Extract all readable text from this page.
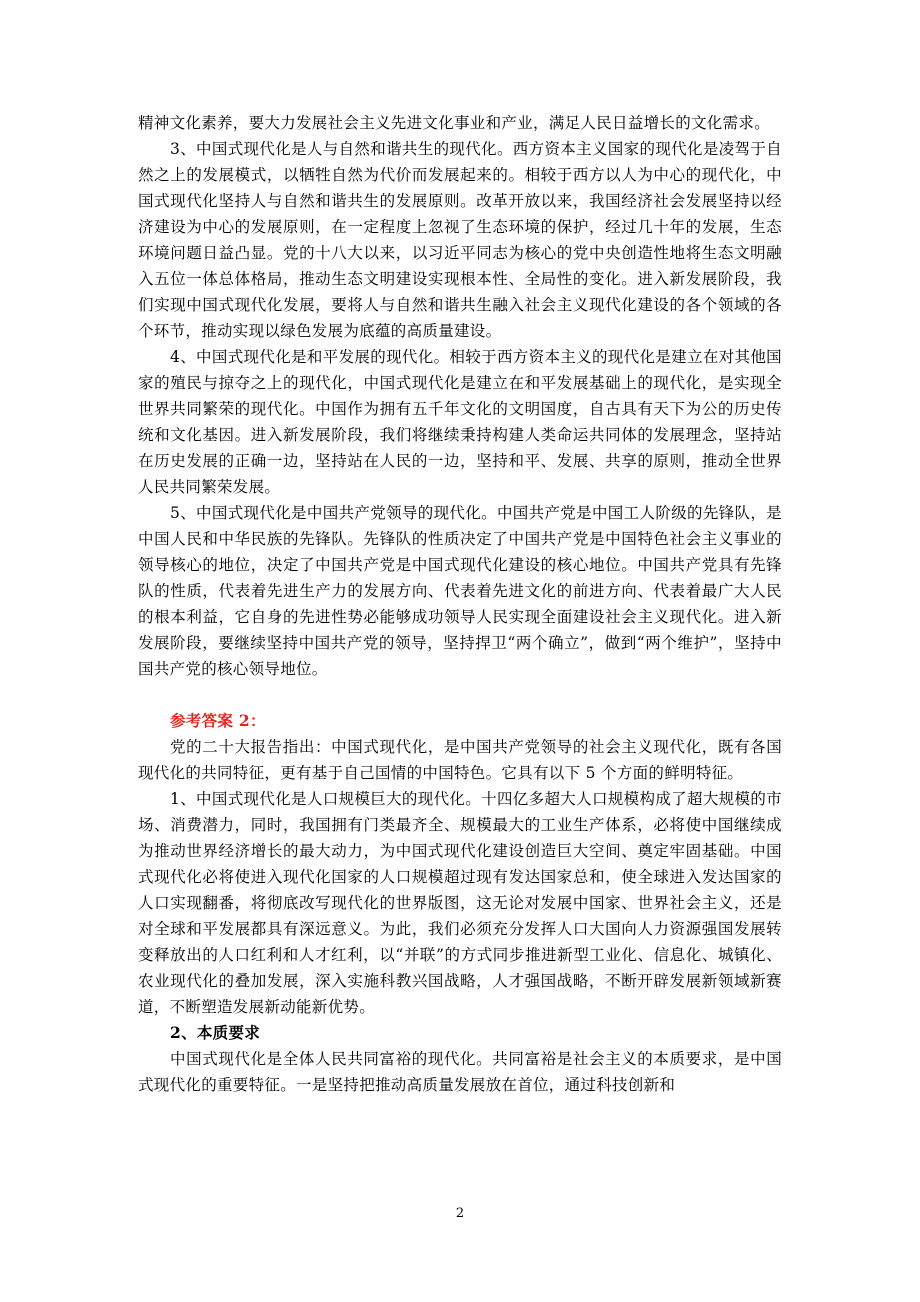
精神文化素养，要大力发展社会主义先进文化事业和产业，满足人民日益增长的文化需求。

3、中国式现代化是人与自然和谐共生的现代化。西方资本主义国家的现代化是凌驾于自然之上的发展模式，以牺牲自然为代价而发展起来的。相较于西方以人为中心的现代化，中国式现代化坚持人与自然和谐共生的发展原则。改革开放以来，我国经济社会发展坚持以经济建设为中心的发展原则，在一定程度上忽视了生态环境的保护，经过几十年的发展，生态环境问题日益凸显。党的十八大以来，以习近平同志为核心的党中央创造性地将生态文明融入五位一体总体格局，推动生态文明建设实现根本性、全局性的变化。进入新发展阶段，我们实现中国式现代化发展，要将人与自然和谐共生融入社会主义现代化建设的各个领域的各个环节，推动实现以绿色发展为底蕴的高质量建设。

4、中国式现代化是和平发展的现代化。相较于西方资本主义的现代化是建立在对其他国家的殖民与掠夺之上的现代化，中国式现代化是建立在和平发展基础上的现代化，是实现全世界共同繁荣的现代化。中国作为拥有五千年文化的文明国度，自古具有天下为公的历史传统和文化基因。进入新发展阶段，我们将继续秉持构建人类命运共同体的发展理念，坚持站在历史发展的正确一边，坚持站在人民的一边，坚持和平、发展、共享的原则，推动全世界人民共同繁荣发展。

5、中国式现代化是中国共产党领导的现代化。中国共产党是中国工人阶级的先锋队，是中国人民和中华民族的先锋队。先锋队的性质决定了中国共产党是中国特色社会主义事业的领导核心的地位，决定了中国共产党是中国式现代化建设的核心地位。中国共产党具有先锋队的性质，代表着先进生产力的发展方向、代表着先进文化的前进方向、代表着最广大人民的根本利益，它自身的先进性势必能够成功领导人民实现全面建设社会主义现代化。进入新发展阶段，要继续坚持中国共产党的领导，坚持捍卫“两个确立”，做到“两个维护”，坚持中国共产党的核心领导地位。

参考答案 2：

党的二十大报告指出：中国式现代化，是中国共产党领导的社会主义现代化，既有各国现代化的共同特征，更有基于自己国情的中国特色。它具有以下 5 个方面的鲜明特征。

1、中国式现代化是人口规模巨大的现代化。十四亿多超大人口规模构成了超大规模的市场、消费潜力，同时，我国拥有门类最齐全、规模最大的工业生产体系，必将使中国继续成为推动世界经济增长的最大动力，为中国式现代化建设创造巨大空间、奠定牢固基础。中国式现代化必将使进入现代化国家的人口规模超过现有发达国家总和，使全球进入发达国家的人口实现翻番，将彻底改写现代化的世界版图，这无论对发展中国家、世界社会主义，还是对全球和平发展都具有深远意义。为此，我们必须充分发挥人口大国向人力资源强国发展转变释放出的人口红利和人才红利，以“并联”的方式同步推进新型工业化、信息化、城镇化、农业现代化的叠加发展，深入实施科教兴国战略，人才强国战略，不断开辟发展新领域新赛道，不断塑造发展新动能新优势。

2、本质要求

中国式现代化是全体人民共同富裕的现代化。共同富裕是社会主义的本质要求，是中国式现代化的重要特征。一是坚持把推动高质量发展放在首位，通过科技创新和

2
